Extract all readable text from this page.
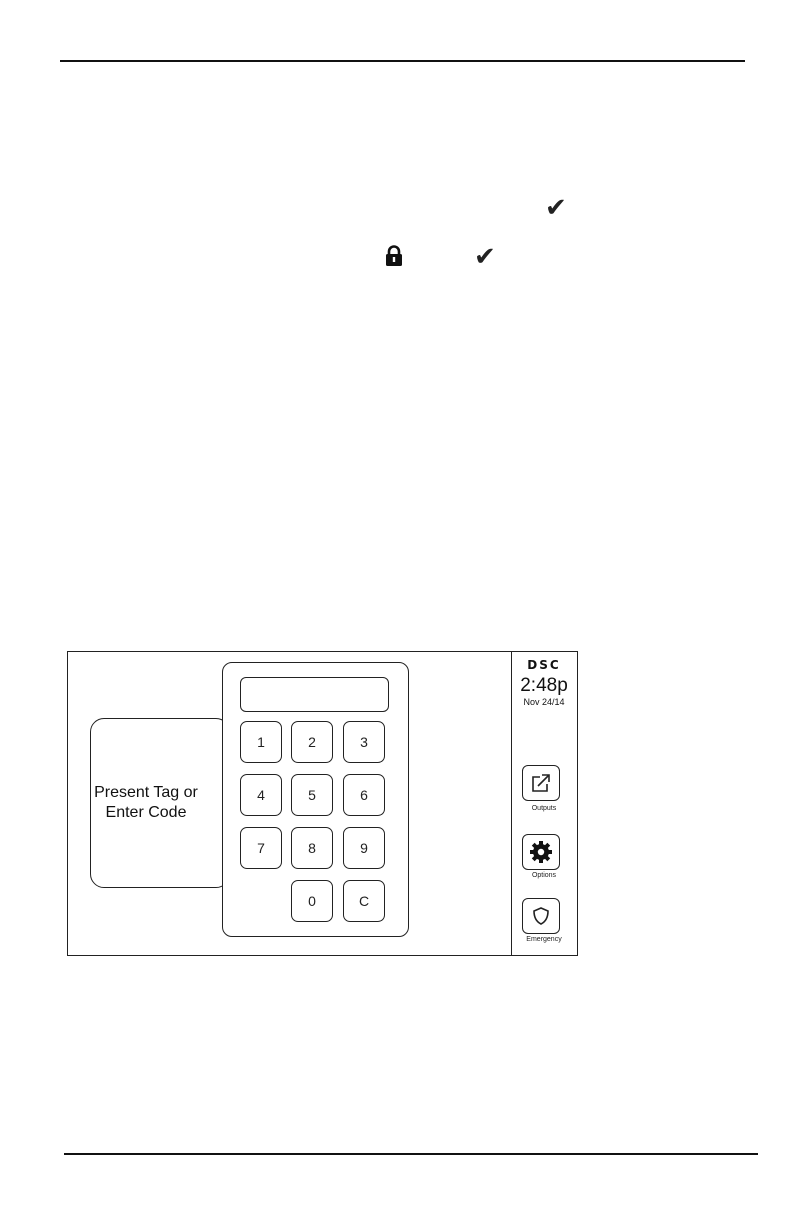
✔
✔
Present Tag or Enter Code
1	2	3
4	5	6
7	8	9
0	C
DSC
2:48p
Nov 24/14
Outputs
Options
Emergency
